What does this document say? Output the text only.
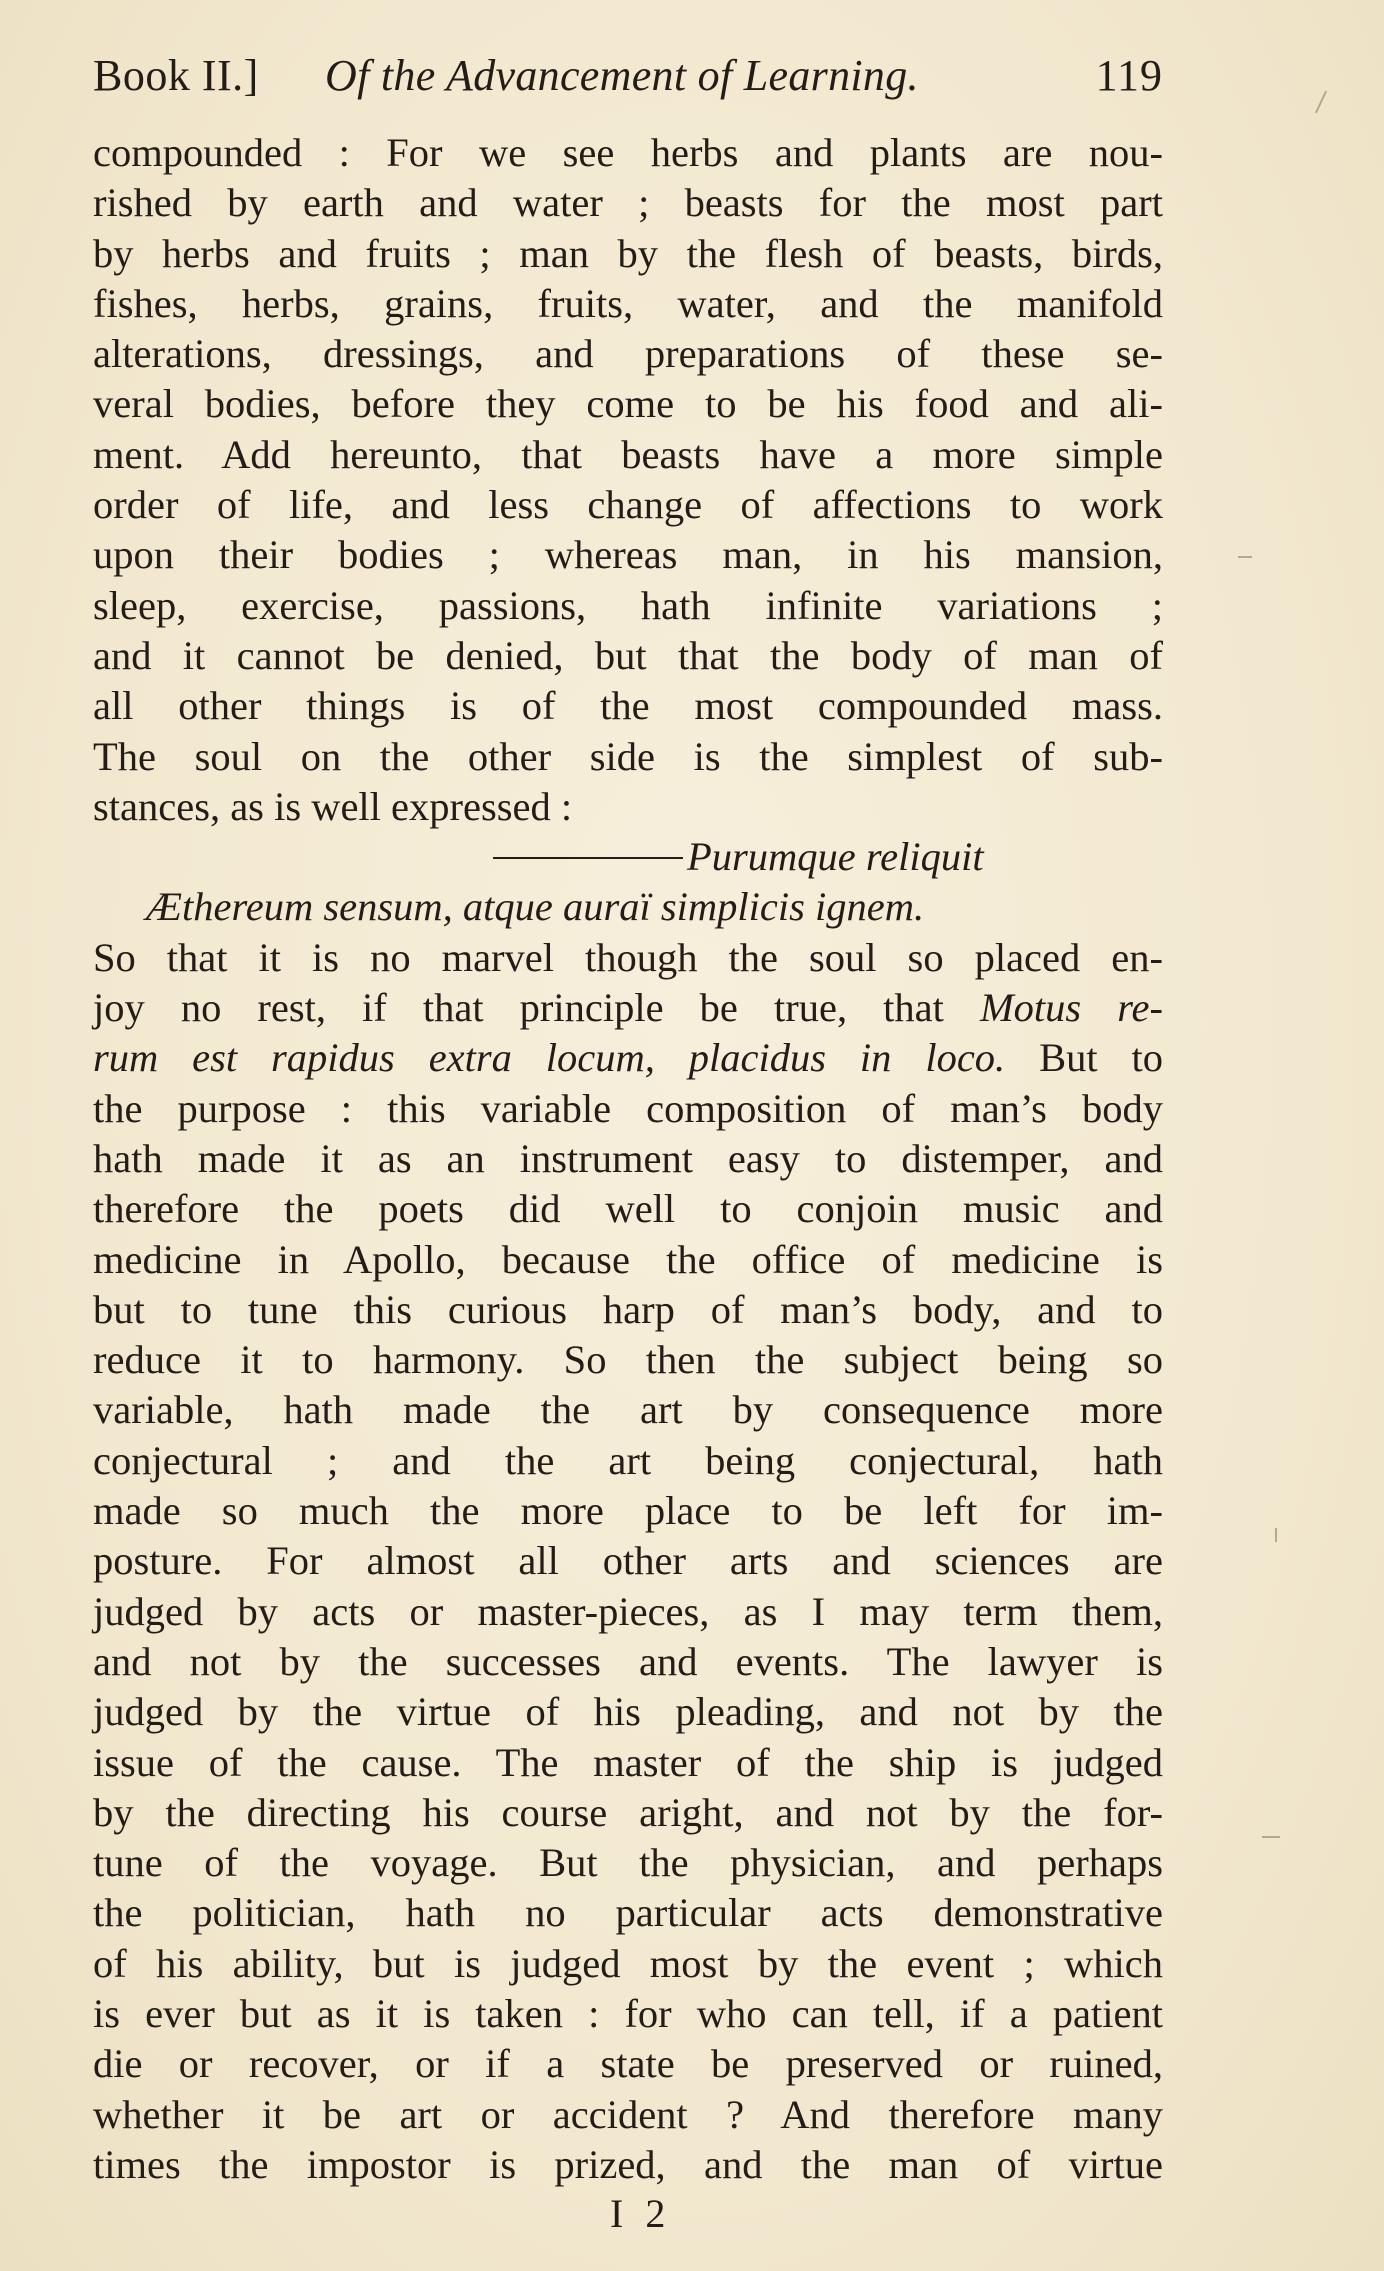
Book II.] Of the Advancement of Learning.	119
compounded : For we see herbs and plants are nou-
rished by earth and water ; beasts for the most part
by herbs and fruits ; man by the flesh of beasts, birds,
fishes, herbs, grains, fruits, water, and the manifold
alterations, dressings, and preparations of these se-
veral bodies, before they come to be his food and ali-
ment. Add hereunto, that beasts have a more simple
order of life, and less change of affections to work
upon their bodies ; whereas man, in his mansion,
sleep, exercise, passions, hath infinite variations ;
and it cannot be denied, but that the body of man of
all other things is of the most compounded mass.
The soul on the other side is the simplest of sub-
stances, as is well expressed :
Purumque reliquit
Æthereum sensum, atque auraï simplicis ignem.
So that it is no marvel though the soul so placed en-
joy no rest, if that principle be true, that Motus re-
rum est rapidus extra locum, placidus in loco. But to
the purpose : this variable composition of man’s body
hath made it as an instrument easy to distemper, and
therefore the poets did well to conjoin music and
medicine in Apollo, because the office of medicine is
but to tune this curious harp of man’s body, and to
reduce it to harmony. So then the subject being so
variable, hath made the art by consequence more
conjectural ; and the art being conjectural, hath
made so much the more place to be left for im-
posture. For almost all other arts and sciences are
judged by acts or master-pieces, as I may term them,
and not by the successes and events. The lawyer is
judged by the virtue of his pleading, and not by the
issue of the cause. The master of the ship is judged
by the directing his course aright, and not by the for-
tune of the voyage. But the physician, and perhaps
the politician, hath no particular acts demonstrative
of his ability, but is judged most by the event ; which
is ever but as it is taken : for who can tell, if a patient
die or recover, or if a state be preserved or ruined,
whether it be art or accident ? And therefore many
times the impostor is prized, and the man of virtue
I 2
